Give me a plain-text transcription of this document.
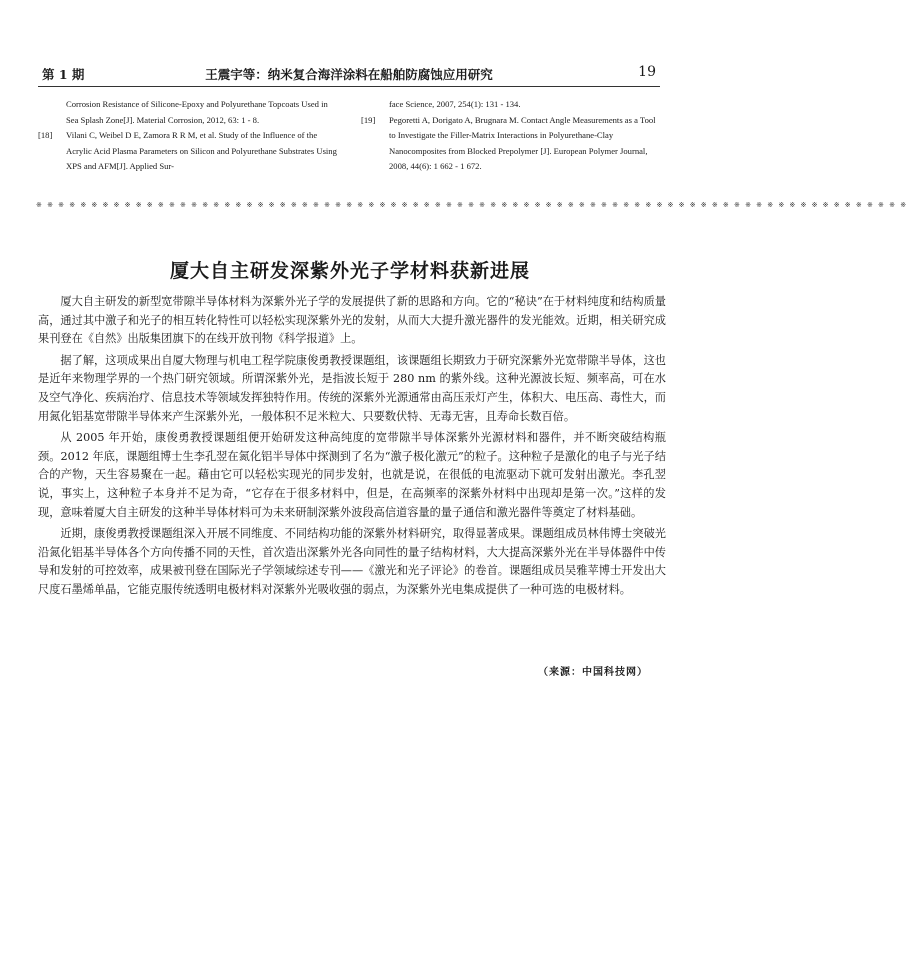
第 1 期	王震宇等：纳米复合海洋涂料在船舶防腐蚀应用研究	19
Corrosion Resistance of Silicone-Epoxy and Polyurethane Topcoats Used in Sea Splash Zone[J]. Material Corrosion, 2012, 63: 1 - 8.
[18] Vilani C, Weibel D E, Zamora R R M, et al. Study of the Influence of the Acrylic Acid Plasma Parameters on Silicon and Polyurethane Substrates Using XPS and AFM[J]. Applied Sur-
face Science, 2007, 254(1): 131 - 134.
[19] Pegoretti A, Dorigato A, Brugnara M. Contact Angle Measurements as a Tool to Investigate the Filler-Matrix Interactions in Polyurethane-Clay Nanocomposites from Blocked Prepolymer [J]. European Polymer Journal, 2008, 44(6): 1 662 - 1 672.
※ ※ ※ ※ ※ ※ ※ ※ ※ ※ ※ ※ ※ ※ ※ ※ ※ ※ ※ ※ ※ ※ ※ ※ ※ ※ ※ ※ ※ ※ ※ ※ ※ ※ ※ ※ ※ ※ ※ ※ ※ ※ ※ ※ ※ ※ ※ ※ ※ ※ ※ ※ ※ ※ ※ ※ ※ ※ ※ ※ ※ ※ ※ ※ ※ ※ ※ ※ ※ ※ ※ ※ ※ ※ ※ ※ ※ ※ ※
厦大自主研发深紫外光子学材料获新进展

厦大自主研发的新型宽带隙半导体材料为深紫外光子学的发展提供了新的思路和方向。它的“秘诀”在于材料纯度和结构质量高，通过其中激子和光子的相互转化特性可以轻松实现深紫外光的发射，从而大大提升激光器件的发光能效。近期，相关研究成果刊登在《自然》出版集团旗下的在线开放刊物《科学报道》上。

据了解，这项成果出自厦大物理与机电工程学院康俊勇教授课题组，该课题组长期致力于研究深紫外光宽带隙半导体，这也是近年来物理学界的一个热门研究领域。所谓深紫外光，是指波长短于 280 nm 的紫外线。这种光源波长短、频率高，可在水及空气净化、疾病治疗、信息技术等领域发挥独特作用。传统的深紫外光源通常由高压汞灯产生，体积大、电压高、毒性大，而用氮化铝基宽带隙半导体来产生深紫外光，一般体积不足米粒大、只要数伏特、无毒无害，且寿命长数百倍。

从 2005 年开始，康俊勇教授课题组便开始研发这种高纯度的宽带隙半导体深紫外光源材料和器件，并不断突破结构瓶颈。2012 年底，课题组博士生李孔翌在氮化铝半导体中探测到了名为“激子极化激元”的粒子。这种粒子是激化的电子与光子结合的产物，天生容易聚在一起。藉由它可以轻松实现光的同步发射，也就是说，在很低的电流驱动下就可发射出激光。李孔翌说，事实上，这种粒子本身并不足为奇，“它存在于很多材料中，但是，在高频率的深紫外材料中出现却是第一次。”这样的发现，意味着厦大自主研发的这种半导体材料可为未来研制深紫外波段高信道容量的量子通信和激光器件等奠定了材料基础。

近期，康俊勇教授课题组深入开展不同维度、不同结构功能的深紫外材料研究，取得显著成果。课题组成员林伟博士突破光沿氮化铝基半导体各个方向传播不同的天性，首次造出深紫外光各向同性的量子结构材料，大大提高深紫外光在半导体器件中传导和发射的可控效率，成果被刊登在国际光子学领域综述专刊——《激光和光子评论》的卷首。课题组成员吴雅苹博士开发出大尺度石墨烯单晶，它能克服传统透明电极材料对深紫外光吸收强的弱点，为深紫外光电集成提供了一种可选的电极材料。

（来源：中国科技网）
